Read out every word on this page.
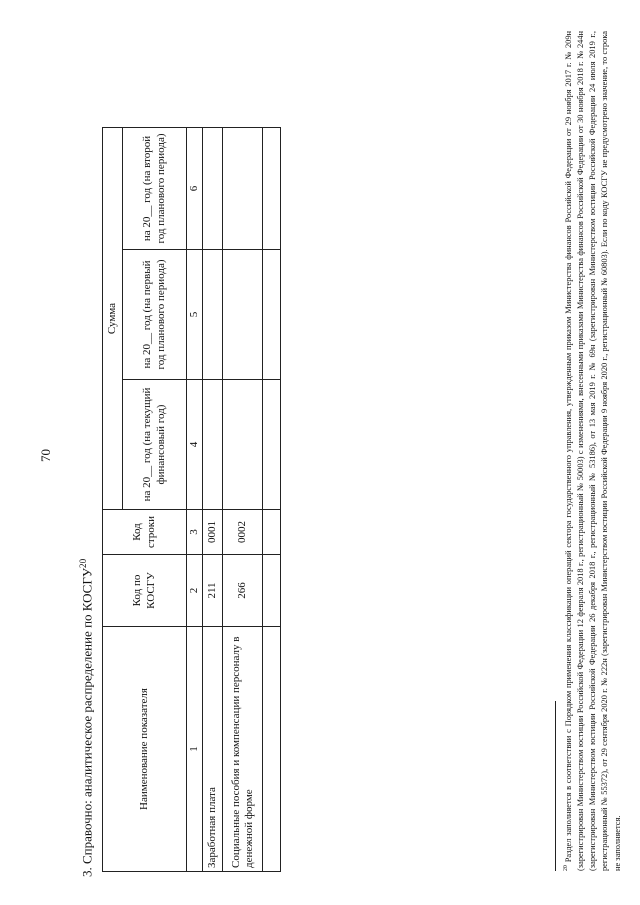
70
3. Справочно: аналитическое распределение по КОСГУ$^{20}$
Наименование показателя	Код по КОСГУ	Код строки	Сумма		
			на 20__ год (на текущий финансовый год)	на 20__ год (на первый год планового периода)	на 20__ год (на второй год планового периода)
1	2	3	4	5	6
Заработная плата	211	0001			
Социальные пособия и компенсации персоналу в денежной форме	266	0002			

$^{20}$ Раздел заполняется в соответствии с Порядком применения классификации операций сектора государственного управления, утвержденным приказом Министерства финансов Российской Федерации от 29 ноября 2017 г. № 209н (зарегистрирован Министерством юстиции Российской Федерации 12 февраля 2018 г., регистрационный № 50003) с изменениями, внесенными приказами Министерства финансов Российской Федерации от 30 ноября 2018 г. № 244н (зарегистрирован Министерством юстиции Российской Федерации 26 декабря 2018 г., регистрационный № 53186), от 13 мая 2019 г. № 69н (зарегистрирован Министерством юстиции Российской Федерации 24 июля 2019 г., регистрационный № 55372), от 29 сентября 2020 г. № 222н (зарегистрирован Министерством юстиции Российской Федерации 9 ноября 2020 г., регистрационный № 60803). Если по коду КОСГУ не предусмотрено значение, то строка не заполняется.
